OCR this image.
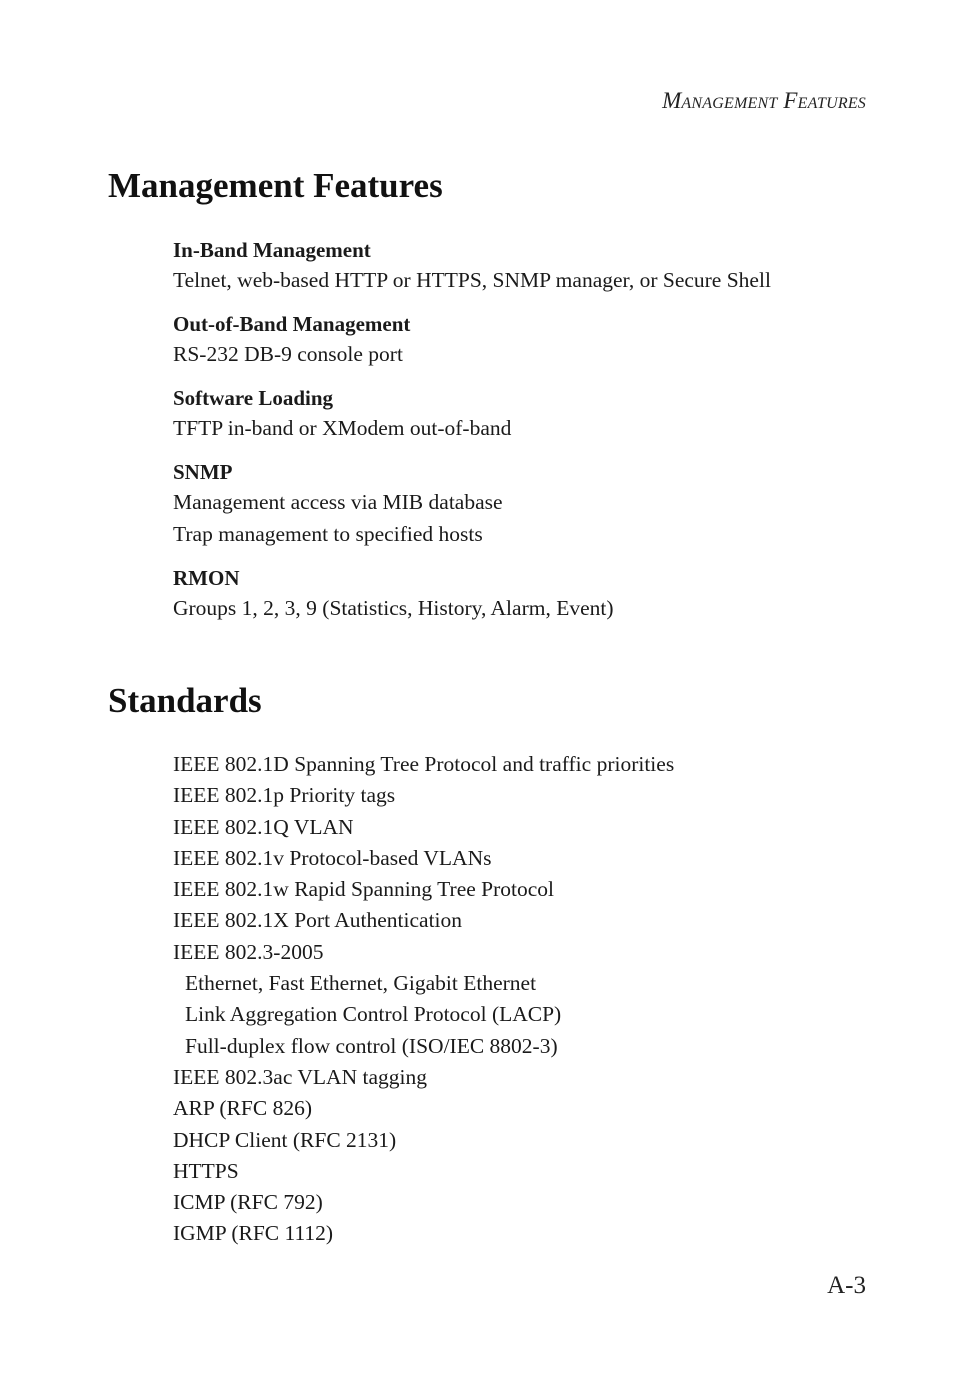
Management Features
Management Features
In-Band Management
Telnet, web-based HTTP or HTTPS, SNMP manager, or Secure Shell
Out-of-Band Management
RS-232 DB-9 console port
Software Loading
TFTP in-band or XModem out-of-band
SNMP
Management access via MIB database
Trap management to specified hosts
RMON
Groups 1, 2, 3, 9 (Statistics, History, Alarm, Event)
Standards
IEEE 802.1D Spanning Tree Protocol and traffic priorities
IEEE 802.1p Priority tags
IEEE 802.1Q VLAN
IEEE 802.1v Protocol-based VLANs
IEEE 802.1w Rapid Spanning Tree Protocol
IEEE 802.1X Port Authentication
IEEE 802.3-2005
Ethernet, Fast Ethernet, Gigabit Ethernet
Link Aggregation Control Protocol (LACP)
Full-duplex flow control (ISO/IEC 8802-3)
IEEE 802.3ac VLAN tagging
ARP (RFC 826)
DHCP Client (RFC 2131)
HTTPS
ICMP (RFC 792)
IGMP (RFC 1112)
A-3
